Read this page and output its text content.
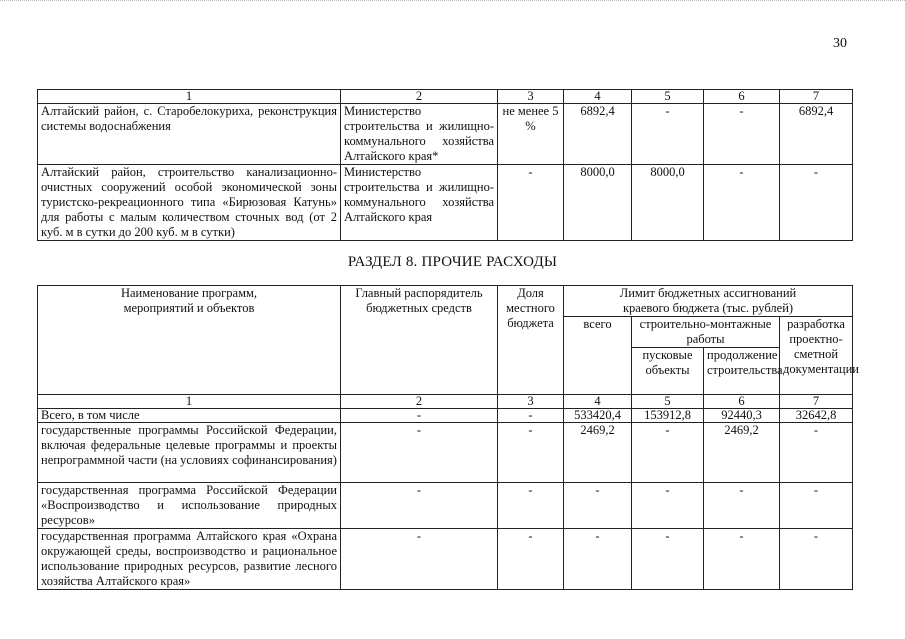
30
1	2	3	4	5	6	7
Алтайский район, с. Старобелокуриха, реконструкция системы водоснабжения	Министерство строительства и жилищно-коммунального хозяйства Алтайского края*	не менее 5 %	6892,4	-	-	6892,4
Алтайский район, строительство канализационно-очистных сооружений особой экономической зоны туристско-рекреационного типа «Бирюзовая Катунь» для работы с малым количеством сточных вод (от 2 куб. м в сутки до 200 куб. м в сутки)	Министерство строительства и жилищно-коммунального хозяйства Алтайского края	-	8000,0	8000,0	-	-
РАЗДЕЛ 8. ПРОЧИЕ РАСХОДЫ
Наименование программ, мероприятий и объектов	Главный распорядитель бюджетных средств	Доля местного бюджета	Лимит бюджетных ассигнований краевого бюджета (тыс. рублей)			
			всего	строительно-монтажные работы		разработка проектно-сметной документации
				пусковые объекты	продолжение строительства	
1	2	3	4	5	6	7
Всего, в том числе	-	-	533420,4	153912,8	92440,3	32642,8
государственные программы Российской Федерации, включая федеральные целевые программы и проекты непрограммной части (на условиях софинансирования)	-	-	2469,2	-	2469,2	-
государственная программа Российской Федерации «Воспроизводство и использование природных ресурсов»	-	-	-	-	-	-
государственная программа Алтайского края «Охрана окружающей среды, воспроизводство и рациональное использование природных ресурсов, развитие лесного хозяйства Алтайского края»	-	-	-	-	-	-
